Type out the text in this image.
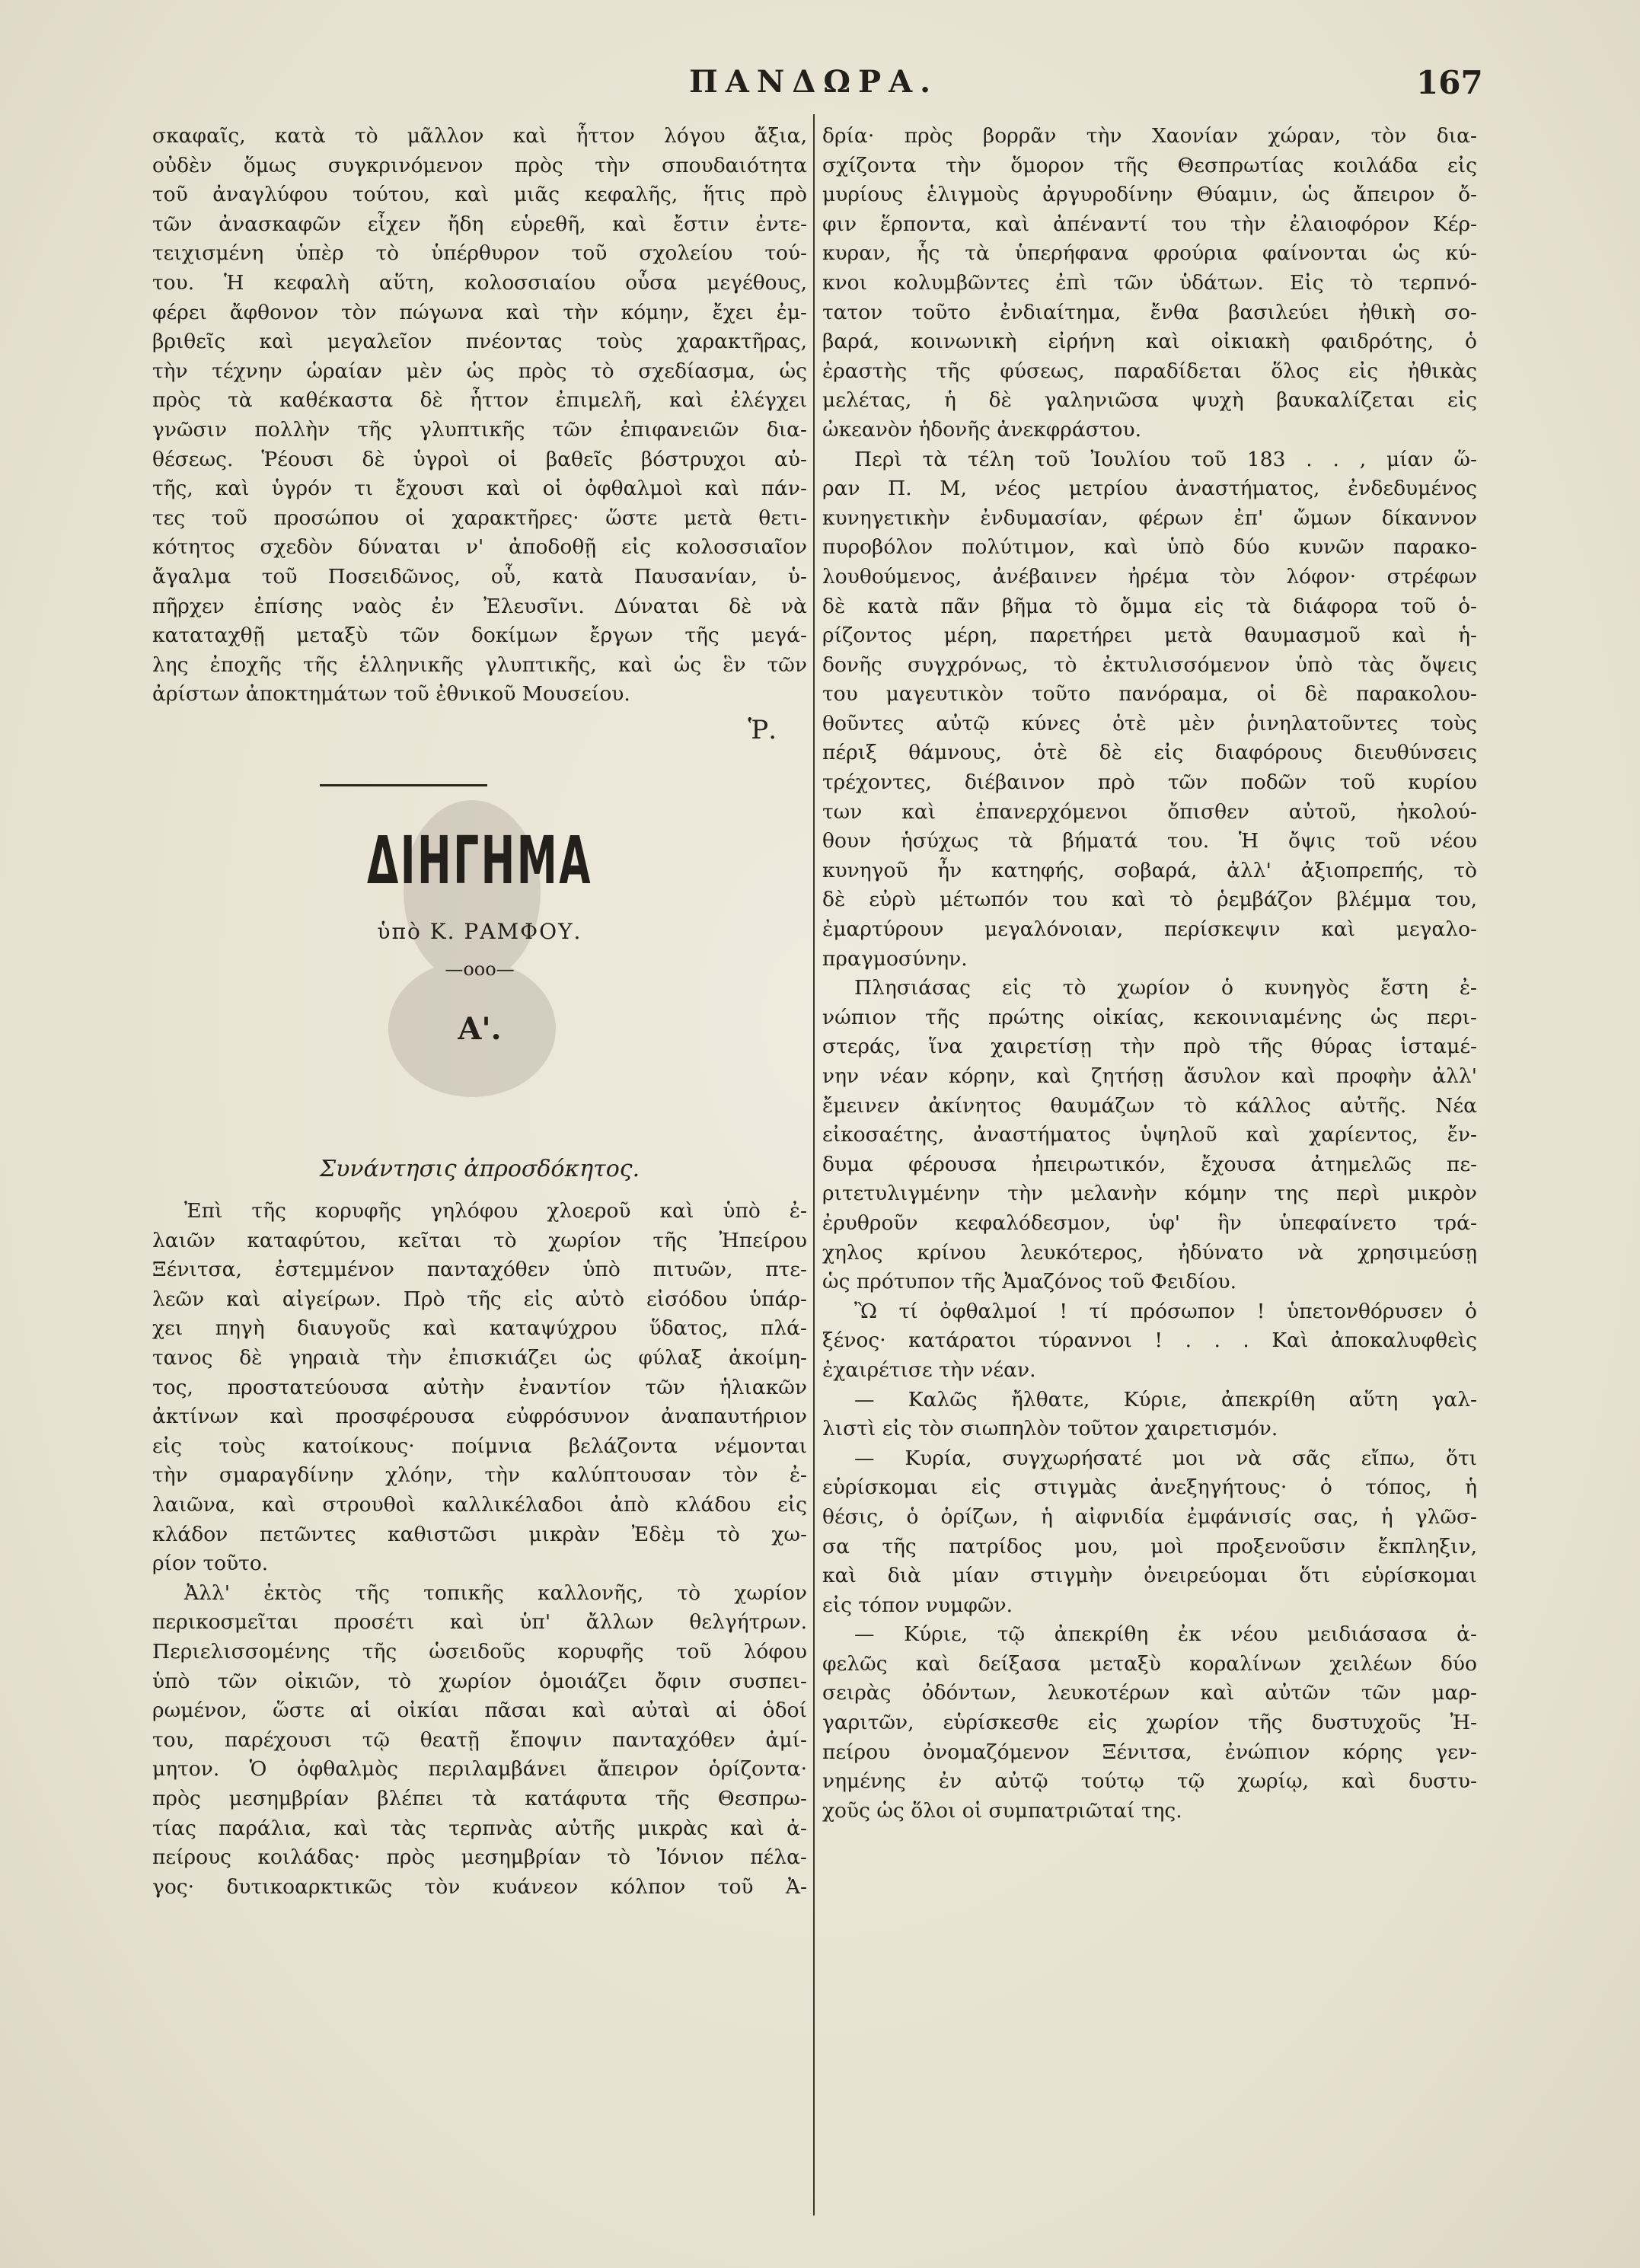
ΠΑΝΔΩΡΑ.	167
σκαφαῖς, κατὰ τὸ μᾶλλον καὶ ἧττον λόγου ἄξια,
οὐδὲν ὅμως συγκρινόμενον πρὸς τὴν σπουδαιότητα
τοῦ ἀναγλύφου τούτου, καὶ μιᾶς κεφαλῆς, ἥτις πρὸ
τῶν ἀνασκαφῶν εἶχεν ἤδη εὑρεθῆ, καὶ ἔστιν ἐντε-
τειχισμένη ὑπὲρ τὸ ὑπέρθυρον τοῦ σχολείου τού-
του. Ἡ κεφαλὴ αὕτη, κολοσσιαίου οὖσα μεγέθους,
φέρει ἄφθονον τὸν πώγωνα καὶ τὴν κόμην, ἔχει ἐμ-
βριθεῖς καὶ μεγαλεῖον πνέοντας τοὺς χαρακτῆρας,
τὴν τέχνην ὡραίαν μὲν ὡς πρὸς τὸ σχεδίασμα, ὡς
πρὸς τὰ καθέκαστα δὲ ἧττον ἐπιμελῆ, καὶ ἐλέγχει
γνῶσιν πολλὴν τῆς γλυπτικῆς τῶν ἐπιφανειῶν δια-
θέσεως. Ῥέουσι δὲ ὑγροὶ οἱ βαθεῖς βόστρυχοι αὐ-
τῆς, καὶ ὑγρόν τι ἔχουσι καὶ οἱ ὀφθαλμοὶ καὶ πάν-
τες τοῦ προσώπου οἱ χαρακτῆρες· ὥστε μετὰ θετι-
κότητος σχεδὸν δύναται ν' ἀποδοθῇ εἰς κολοσσιαῖον
ἄγαλμα τοῦ Ποσειδῶνος, οὗ, κατὰ Παυσανίαν, ὑ-
πῆρχεν ἐπίσης ναὸς ἐν Ἐλευσῖνι. Δύναται δὲ νὰ
καταταχθῇ μεταξὺ τῶν δοκίμων ἔργων τῆς μεγά-
λης ἐποχῆς τῆς ἑλληνικῆς γλυπτικῆς, καὶ ὡς ἓν τῶν
ἀρίστων ἀποκτημάτων τοῦ ἐθνικοῦ Μουσείου.
Ῥ.
ΔΙΗΓΗΜΑ
ὑπὸ Κ. ΡΑΜΦΟΥ.
—ooo—
Α'.
Συνάντησις ἀπροσδόκητος.
Ἐπὶ τῆς κορυφῆς γηλόφου χλοεροῦ καὶ ὑπὸ ἐ-
λαιῶν καταφύτου, κεῖται τὸ χωρίον τῆς Ἠπείρου
Ξένιτσα, ἐστεμμένον πανταχόθεν ὑπὸ πιτυῶν, πτε-
λεῶν καὶ αἰγείρων. Πρὸ τῆς εἰς αὐτὸ εἰσόδου ὑπάρ-
χει πηγὴ διαυγοῦς καὶ καταψύχρου ὕδατος, πλά-
τανος δὲ γηραιὰ τὴν ἐπισκιάζει ὡς φύλαξ ἀκοίμη-
τος, προστατεύουσα αὐτὴν ἐναντίον τῶν ἡλιακῶν
ἀκτίνων καὶ προσφέρουσα εὐφρόσυνον ἀναπαυτήριον
εἰς τοὺς κατοίκους· ποίμνια βελάζοντα νέμονται
τὴν σμαραγδίνην χλόην, τὴν καλύπτουσαν τὸν ἐ-
λαιῶνα, καὶ στρουθοὶ καλλικέλαδοι ἀπὸ κλάδου εἰς
κλάδον πετῶντες καθιστῶσι μικρὰν Ἐδὲμ τὸ χω-
ρίον τοῦτο.
Ἀλλ' ἐκτὸς τῆς τοπικῆς καλλονῆς, τὸ χωρίον
περικοσμεῖται προσέτι καὶ ὑπ' ἄλλων θελγήτρων.
Περιελισσομένης τῆς ὡσειδοῦς κορυφῆς τοῦ λόφου
ὑπὸ τῶν οἰκιῶν, τὸ χωρίον ὁμοιάζει ὄφιν συσπει-
ρωμένον, ὥστε αἱ οἰκίαι πᾶσαι καὶ αὐταὶ αἱ ὁδοί
του, παρέχουσι τῷ θεατῇ ἔποψιν πανταχόθεν ἀμί-
μητον. Ὁ ὀφθαλμὸς περιλαμβάνει ἄπειρον ὁρίζοντα·
πρὸς μεσημβρίαν βλέπει τὰ κατάφυτα τῆς Θεσπρω-
τίας παράλια, καὶ τὰς τερπνὰς αὐτῆς μικρὰς καὶ ἀ-
πείρους κοιλάδας· πρὸς μεσημβρίαν τὸ Ἰόνιον πέλα-
γος· δυτικοαρκτικῶς τὸν κυάνεον κόλπον τοῦ Ἀ-
δρία· πρὸς βορρᾶν τὴν Χαονίαν χώραν, τὸν δια-
σχίζοντα τὴν ὅμορον τῆς Θεσπρωτίας κοιλάδα εἰς
μυρίους ἑλιγμοὺς ἀργυροδίνην Θύαμιν, ὡς ἄπειρον ὄ-
φιν ἕρποντα, καὶ ἀπέναντί του τὴν ἐλαιοφόρον Κέρ-
κυραν, ἧς τὰ ὑπερήφανα φρούρια φαίνονται ὡς κύ-
κνοι κολυμβῶντες ἐπὶ τῶν ὑδάτων. Εἰς τὸ τερπνό-
τατον τοῦτο ἐνδιαίτημα, ἔνθα βασιλεύει ἠθικὴ σο-
βαρά, κοινωνικὴ εἰρήνη καὶ οἰκιακὴ φαιδρότης, ὁ
ἐραστὴς τῆς φύσεως, παραδίδεται ὅλος εἰς ἠθικὰς
μελέτας, ἡ δὲ γαληνιῶσα ψυχὴ βαυκαλίζεται εἰς
ὠκεανὸν ἡδονῆς ἀνεκφράστου.
Περὶ τὰ τέλη τοῦ Ἰουλίου τοῦ 183 . . , μίαν ὥ-
ραν Π. Μ, νέος μετρίου ἀναστήματος, ἐνδεδυμένος
κυνηγετικὴν ἐνδυμασίαν, φέρων ἐπ' ὤμων δίκαννον
πυροβόλον πολύτιμον, καὶ ὑπὸ δύο κυνῶν παρακο-
λουθούμενος, ἀνέβαινεν ἠρέμα τὸν λόφον· στρέφων
δὲ κατὰ πᾶν βῆμα τὸ ὄμμα εἰς τὰ διάφορα τοῦ ὁ-
ρίζοντος μέρη, παρετήρει μετὰ θαυμασμοῦ καὶ ἡ-
δονῆς συγχρόνως, τὸ ἐκτυλισσόμενον ὑπὸ τὰς ὄψεις
του μαγευτικὸν τοῦτο πανόραμα, οἱ δὲ παρακολου-
θοῦντες αὐτῷ κύνες ὁτὲ μὲν ῥινηλατοῦντες τοὺς
πέριξ θάμνους, ὁτὲ δὲ εἰς διαφόρους διευθύνσεις
τρέχοντες, διέβαινον πρὸ τῶν ποδῶν τοῦ κυρίου
των καὶ ἐπανερχόμενοι ὄπισθεν αὐτοῦ, ἠκολού-
θουν ἡσύχως τὰ βήματά του. Ἡ ὄψις τοῦ νέου
κυνηγοῦ ἦν κατηφής, σοβαρά, ἀλλ' ἀξιοπρεπής, τὸ
δὲ εὐρὺ μέτωπόν του καὶ τὸ ῥεμβάζον βλέμμα του,
ἐμαρτύρουν μεγαλόνοιαν, περίσκεψιν καὶ μεγαλο-
πραγμοσύνην.
Πλησιάσας εἰς τὸ χωρίον ὁ κυνηγὸς ἔστη ἐ-
νώπιον τῆς πρώτης οἰκίας, κεκοινιαμένης ὡς περι-
στεράς, ἵνα χαιρετίσῃ τὴν πρὸ τῆς θύρας ἱσταμέ-
νην νέαν κόρην, καὶ ζητήσῃ ἄσυλον καὶ προφὴν ἀλλ'
ἔμεινεν ἀκίνητος θαυμάζων τὸ κάλλος αὐτῆς. Νέα
εἰκοσαέτης, ἀναστήματος ὑψηλοῦ καὶ χαρίεντος, ἔν-
δυμα φέρουσα ἠπειρωτικόν, ἔχουσα ἀτημελῶς πε-
ριτετυλιγμένην τὴν μελανὴν κόμην της περὶ μικρὸν
ἐρυθροῦν κεφαλόδεσμον, ὑφ' ἣν ὑπεφαίνετο τρά-
χηλος κρίνου λευκότερος, ἠδύνατο νὰ χρησιμεύσῃ
ὡς πρότυπον τῆς Ἀμαζόνος τοῦ Φειδίου.
Ὢ τί ὀφθαλμοί ! τί πρόσωπον ! ὑπετονθόρυσεν ὁ
ξένος· κατάρατοι τύραννοι ! . . . Καὶ ἀποκαλυφθεὶς
ἐχαιρέτισε τὴν νέαν.
— Καλῶς ἤλθατε, Κύριε, ἀπεκρίθη αὕτη γαλ-
λιστὶ εἰς τὸν σιωπηλὸν τοῦτον χαιρετισμόν.
— Κυρία, συγχωρήσατέ μοι νὰ σᾶς εἴπω, ὅτι
εὑρίσκομαι εἰς στιγμὰς ἀνεξηγήτους· ὁ τόπος, ἡ
θέσις, ὁ ὁρίζων, ἡ αἰφνιδία ἐμφάνισίς σας, ἡ γλῶσ-
σα τῆς πατρίδος μου, μοὶ προξενοῦσιν ἔκπληξιν,
καὶ διὰ μίαν στιγμὴν ὀνειρεύομαι ὅτι εὑρίσκομαι
εἰς τόπον νυμφῶν.
— Κύριε, τῷ ἀπεκρίθη ἐκ νέου μειδιάσασα ἀ-
φελῶς καὶ δείξασα μεταξὺ κοραλίνων χειλέων δύο
σειρὰς ὀδόντων, λευκοτέρων καὶ αὐτῶν τῶν μαρ-
γαριτῶν, εὑρίσκεσθε εἰς χωρίον τῆς δυστυχοῦς Ἠ-
πείρου ὀνομαζόμενον Ξένιτσα, ἐνώπιον κόρης γεν-
νημένης ἐν αὐτῷ τούτῳ τῷ χωρίῳ, καὶ δυστυ-
χοῦς ὡς ὅλοι οἱ συμπατριῶταί της.
